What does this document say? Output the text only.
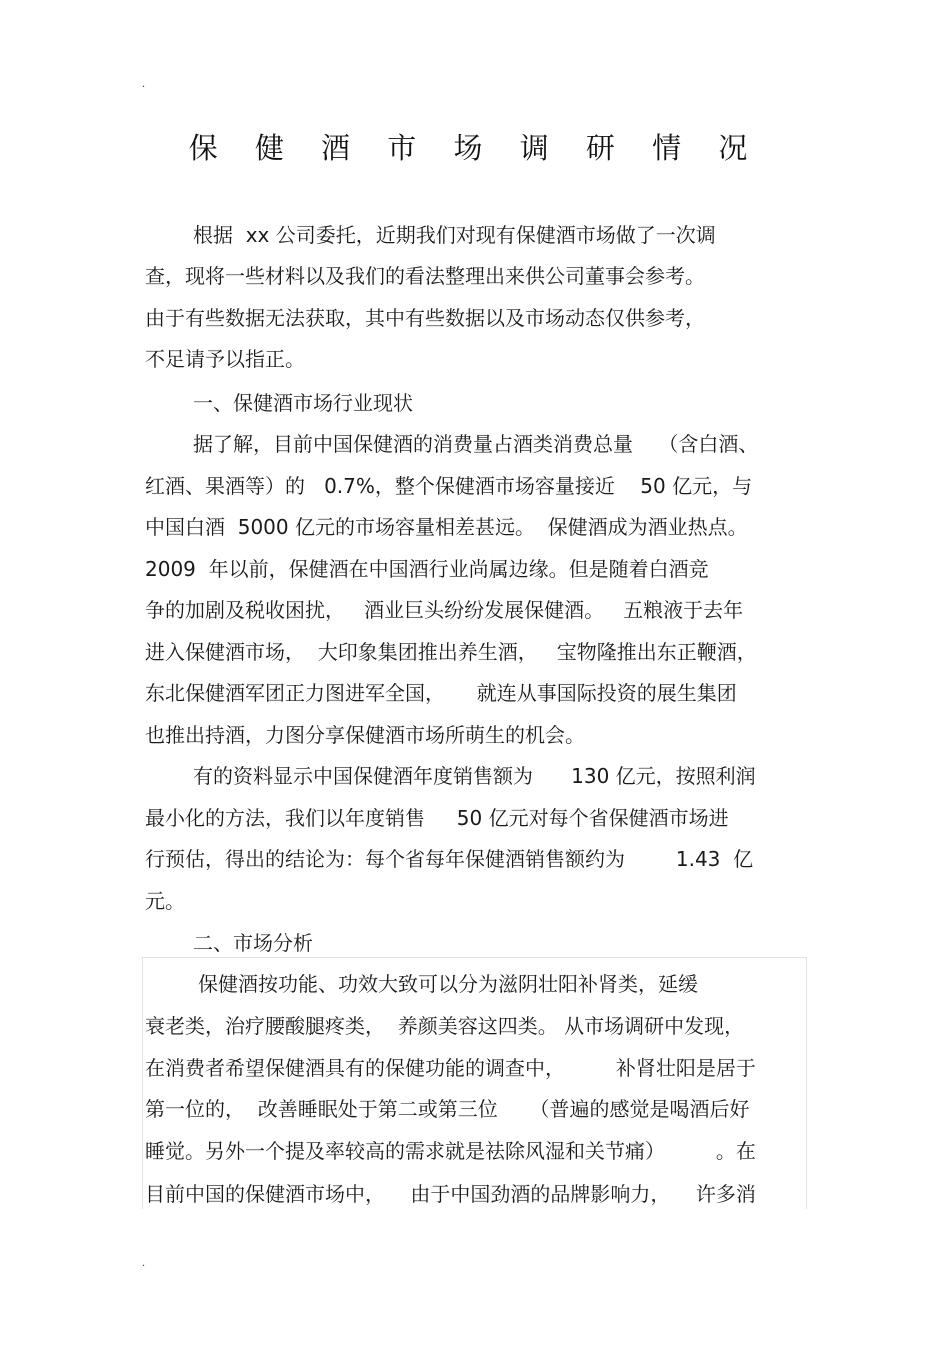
.
保 健 酒 市 场 调 研 情 况
根据  xx 公司委托，近期我们对现有保健酒市场做了一次调
查，现将一些材料以及我们的看法整理出来供公司董事会参考。
由于有些数据无法获取，其中有些数据以及市场动态仅供参考，
不足请予以指正。
一、保健酒市场行业现状
据了解，目前中国保健酒的消费量占酒类消费总量    （含白酒、
红酒、果酒等）的   0.7%，整个保健酒市场容量接近    50 亿元，与
中国白酒  5000 亿元的市场容量相差甚远。  保健酒成为酒业热点。
2009  年以前，保健酒在中国酒行业尚属边缘。但是随着白酒竞
争的加剧及税收困扰，   酒业巨头纷纷发展保健酒。   五粮液于去年
进入保健酒市场，  大印象集团推出养生酒，   宝物隆推出东正鞭酒，
东北保健酒军团正力图进军全国，     就连从事国际投资的展生集团
也推出持酒，力图分享保健酒市场所萌生的机会。
有的资料显示中国保健酒年度销售额为      130 亿元，按照利润
最小化的方法，我们以年度销售     50 亿元对每个省保健酒市场进
行预估，得出的结论为：每个省每年保健酒销售额约为        1.43  亿
元。
二、市场分析
保健酒按功能、功效大致可以分为滋阴壮阳补肾类，延缓
衰老类，治疗腰酸腿疼类，  养颜美容这四类。 从市场调研中发现，
在消费者希望保健酒具有的保健功能的调查中，        补肾壮阳是居于
第一位的，  改善睡眠处于第二或第三位     （普遍的感觉是喝酒后好
睡觉。另外一个提及率较高的需求就是祛除风湿和关节痛）        。在
目前中国的保健酒市场中，    由于中国劲酒的品牌影响力，    许多消
.
